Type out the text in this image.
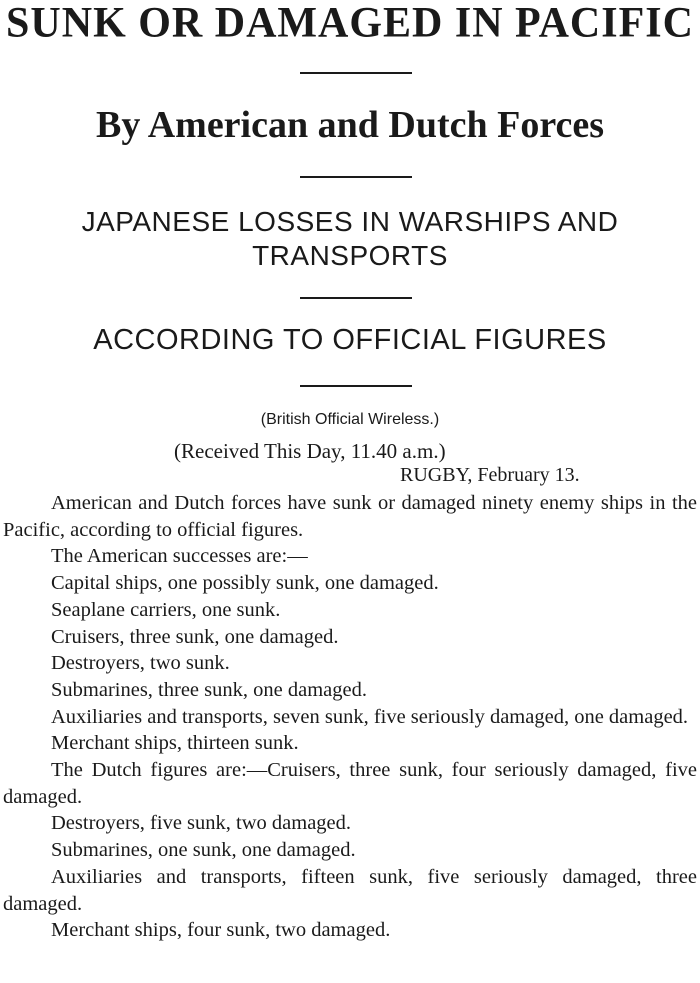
SUNK OR DAMAGED IN PACIFIC
By American and Dutch Forces
JAPANESE LOSSES IN WARSHIPS AND TRANSPORTS
ACCORDING TO OFFICIAL FIGURES
(British Official Wireless.)
(Received This Day, 11.40 a.m.)
RUGBY, February 13.

American and Dutch forces have sunk or damaged ninety enemy ships in the Pacific, according to official figures.

The American successes are:—

Capital ships, one possibly sunk, one damaged.

Seaplane carriers, one sunk.

Cruisers, three sunk, one damaged.

Destroyers, two sunk.

Submarines, three sunk, one damaged.

Auxiliaries and transports, seven sunk, five seriously damaged, one damaged.

Merchant ships, thirteen sunk.

The Dutch figures are:—Cruisers, three sunk, four seriously damaged, five damaged.

Destroyers, five sunk, two damaged.

Submarines, one sunk, one damaged.

Auxiliaries and transports, fifteen sunk, five seriously damaged, three damaged.

Merchant ships, four sunk, two damaged.
